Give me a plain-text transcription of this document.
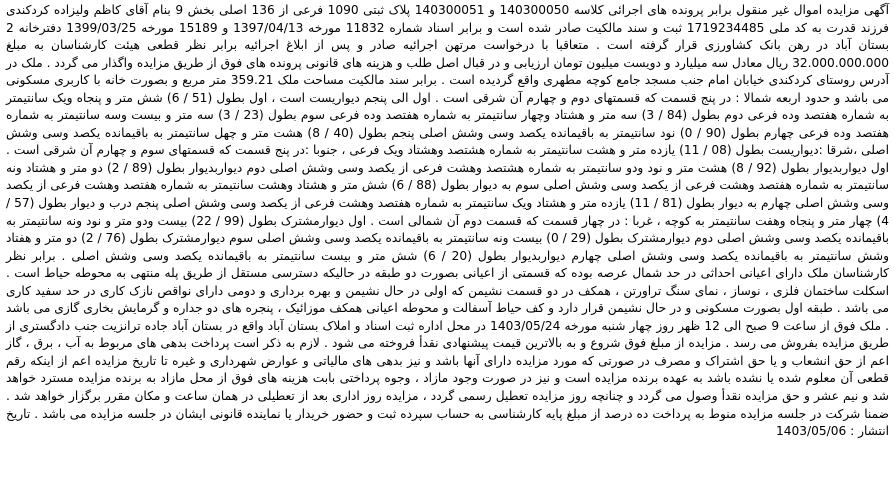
آگهی مزایده اموال غیر منقول برابر پرونده های اجرائی کلاسه 140300050 و 140300051 پلاک ثبتی 1090 فرعی از 136 اصلی بخش 9 بنام آقای کاظم ولیزاده کردکندی فرزند قدرت به کد ملی 1719234485 ثبت و سند مالکیت صادر شده است و برابر اسناد شماره 11832 مورخه 1397/04/13 و 15189 مورخه 1399/03/25 دفترخانه 2 بستان آباد در رهن بانک کشاورزی قرار گرفته است . متعاقبا با درخواست مرتهن اجرائیه صادر و پس از ابلاغ اجرائیه برابر نظر قطعی هیئت کارشناسان به مبلغ 32.000.000.000 ریال معادل سه میلیارد و دویست میلیون تومان ارزیابی و در قبال اصل طلب و هزینه های قانونی پرونده های فوق از طریق مزایده واگذار می گردد . ملک در آدرس روستای کردکندی خیابان امام جنب مسجد جامع کوچه مطهری واقع گردیده است . برابر سند مالکیت مساحت ملک 359.21 متر مربع و بصورت خانه با کاربری مسکونی می باشد و حدود اربعه شمالا : در پنج قسمت که قسمتهای دوم و چهارم آن شرقی است . اول الی پنجم دیواریست است ، اول بطول (51 / 6) شش متر و پنجاه ویک سانتیمتر به شماره هفتصد وده فرعی دوم بطول (84 / 3) سه متر و هشتاد وچهار سانتیمتر به شماره هفتصد وده فرعی سوم بطول (23 / 3) سه متر و بیست وسه سانتیمتر به شماره هفتصد وده فرعی چهارم بطول (90 / 0) نود سانتیمتر به باقیمانده یکصد وسی وشش اصلی پنجم بطول (40 / 8) هشت متر و چهل سانتیمتر به باقیمانده یکصد وسی وشش اصلی ،شرقا :دیواریست بطول (08 / 11) یازده متر و هشت سانتیمتر به شماره هشتصد وهشتاد ویک فرعی ، جنوبا :در پنج قسمت که قسمتهای سوم و چهارم آن شرقی است . اول دیواربدیوار بطول (92 / 8) هشت متر و نود ودو سانتیمتر به شماره هشتصد وهشت فرعی از یکصد وسی وشش اصلی دوم دیواربدیوار بطول (89 / 2) دو متر و هشتاد ونه سانتیمتر به شماره هفتصد وهشت فرعی از یکصد وسی وشش اصلی سوم به دیوار بطول (88 / 6) شش متر و هشتاد وهشت سانتیمتر به شماره هفتصد وهشت فرعی از یکصد وسی وشش اصلی چهارم به دیوار بطول (81 / 11) یازده متر و هشتاد ویک سانتیمتر به شماره هفتصد وهشت فرعی از یکصد وسی وشش اصلی پنجم درب و دیوار بطول (57 / 4) چهار متر و پنجاه وهفت سانتیمتر به کوچه ، غربا : در چهار قسمت که قسمت دوم آن شمالی است . اول دیوارمشترک بطول (99 / 22) بیست ودو متر و نود ونه سانتیمتر به باقیمانده یکصد وسی وشش اصلی دوم دیوارمشترک بطول (29 / 0) بیست ونه سانتیمتر به باقیمانده یکصد وسی وشش اصلی سوم دیوارمشترک بطول (76 / 2) دو متر و هفتاد وشش سانتیمتر به باقیمانده یکصد وسی وشش اصلی چهارم دیواربدیوار بطول (20 / 6) شش متر و بیست سانتیمتر به باقیمانده یکصد وسی وشش اصلی . برابر نظر کارشناسان ملک دارای اعیانی احداثی در حد شمال عرصه بوده که قسمتی از اعیانی بصورت دو طبقه در حالیکه دسترسی مستقل از طریق پله منتهی به محوطه حیاط است . اسکلت ساختمان فلزی ، نوساز ، نمای سنگ تراورتن ، همکف در دو قسمت نشیمن که اولی در حال نشیمن و بهره برداری و دومی دارای نواقص نازک کاری در حد سفید کاری می باشد . طبقه اول بصورت مسکونی و در حال نشیمن قرار دارد و کف حیاط آسفالت و محوطه اعیانی همکف موزائیک ، پنجره های دو جداره و گرمایش بخاری گازی می باشد . ملک فوق از ساعت 9 صبح الی 12 ظهر روز چهار شنبه مورخه 1403/05/24 در محل اداره ثبت اسناد و املاک بستان آباد واقع در بستان آباد جاده ترانزیت جنب دادگستری از طریق مزایده بفروش می رسد . مزایده از مبلغ فوق شروع و به بالاترین قیمت پیشنهادی نقدأ فروخته می شود . لازم به ذکر است پرداخت بدهی های مربوط به آب ، برق ، گاز اعم از حق انشعاب و یا حق اشتراک و مصرف در صورتی که مورد مزایده دارای آنها باشد و نیز بدهی های مالیاتی و عوارض شهرداری و غیره تا تاریخ مزایده اعم از اینکه رقم قطعی آن معلوم شده یا نشده باشد به عهده برنده مزایده است و نیز در صورت وجود مازاد ، وجوه پرداختی بابت هزینه های فوق از محل مازاد به برنده مزایده مسترد خواهد شد و نیم عشر و حق مزایده نقدأ وصول می گردد و چنانچه روز مزایده تعطیل رسمی گردد ، مزایده روز اداری بعد از تعطیلی در همان ساعت و مکان مقرر برگزار خواهد شد . ضمنا شرکت در جلسه مزایده منوط به پرداخت ده درصد از مبلغ پایه کارشناسی به حساب سپرده ثبت و حضور خریدار یا نماینده قانونی ایشان در جلسه مزایده می باشد . تاریخ انتشار : 1403/05/06
